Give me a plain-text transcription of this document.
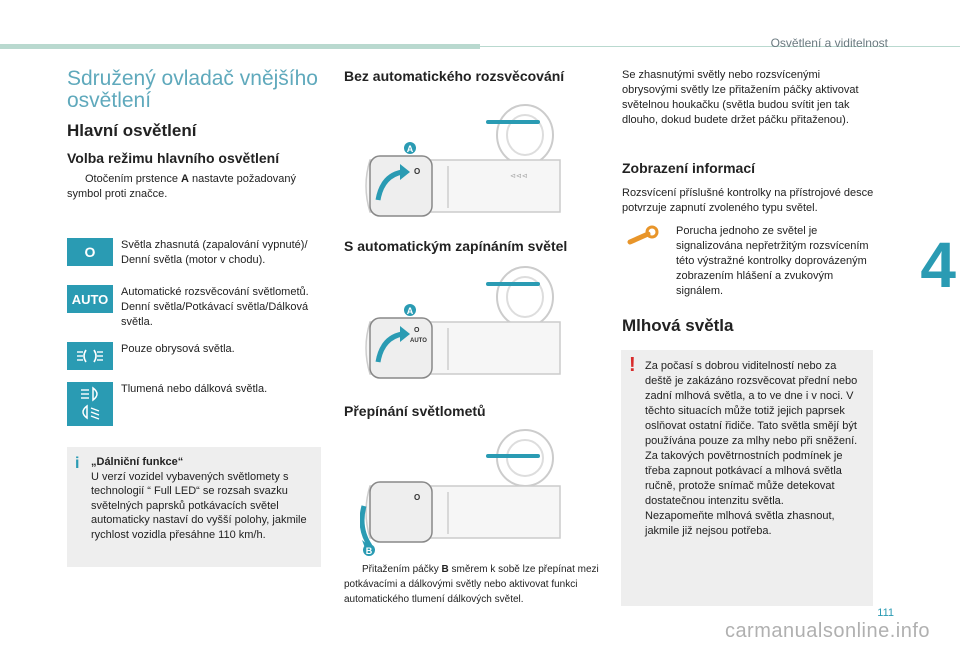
Osvětlení a viditelnost
4
111
carmanualsonline.info
Sdružený ovladač vnějšího osvětlení
Hlavní osvětlení
Volba režimu hlavního osvětlení
Otočením prstence A nastavte požadovaný symbol proti značce.
O	Světla zhasnutá (zapalování vypnuté)/ Denní světla (motor v chodu).
AUTO	Automatické rozsvěcování světlometů. Denní světla/Potkávací světla/Dálková světla.
Pouze obrysová světla.
Tlumená nebo dálková světla.
i „Dálniční funkce“
U verzí vozidel vybavených světlomety s technologií “ Full LED“ se rozsah svazku světelných paprsků potkávacích světel automaticky nastaví do vyšší polohy, jakmile rychlost vozidla přesáhne 110 km/h.
Bez automatického rozsvěcování
A
O
⊲⊲⊲
S automatickým zapínáním světel
A
O
AUTO
Přepínání světlometů
B
O
Přitažením páčky B směrem k sobě lze přepínat mezi potkávacími a dálkovými světly nebo aktivovat funkci automatického tlumení dálkových světel.

Se zhasnutými světly nebo rozsvícenými obrysovými světly lze přitažením páčky aktivovat světelnou houkačku (světla budou svítit jen tak dlouho, dokud budete držet páčku přitaženou).

Zobrazení informací

Rozsvícení příslušné kontrolky na přístrojové desce potvrzuje zapnutí zvoleného typu světel.

Porucha jednoho ze světel je signalizována nepřetržitým rozsvícením této výstražné kontrolky doprovázeným zobrazením hlášení a zvukovým signálem.
Mlhová světla
! Za počasí s dobrou viditelností nebo za deště je zakázáno rozsvěcovat přední nebo zadní mlhová světla, a to ve dne i v noci. V těchto situacích může totiž jejich paprsek oslňovat ostatní řidiče. Tato světla smějí být používána pouze za mlhy nebo při sněžení.
Za takových povětrnostních podmínek je třeba zapnout potkávací a mlhová světla ručně, protože snímač může detekovat dostatečnou intenzitu světla.
Nezapomeňte mlhová světla zhasnout, jakmile již nejsou potřeba.
